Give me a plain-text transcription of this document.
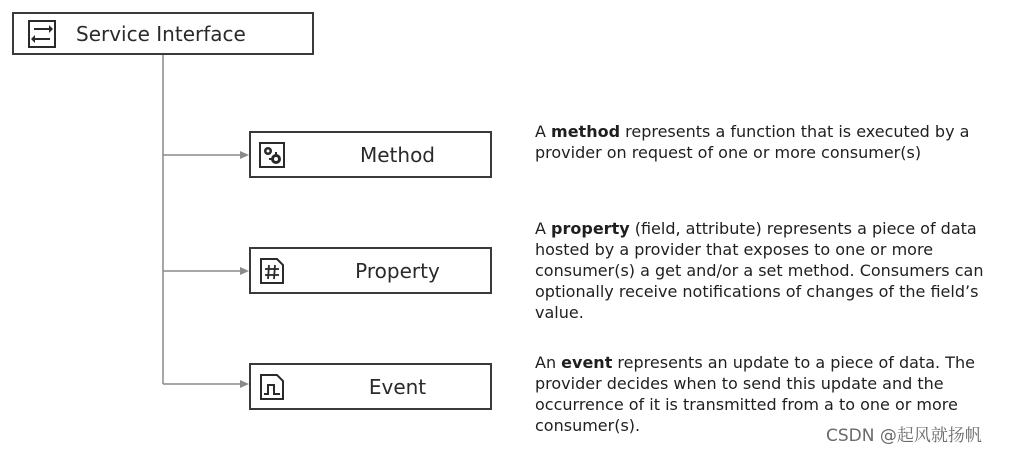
Service Interface
Method
Property
Event
A method represents a function that is executed by a provider on request of one or more consumer(s)
A property (field, attribute) represents a piece of data hosted by a provider that exposes to one or more consumer(s) a get and/or a set method. Consumers can optionally receive notifications of changes of the field’s value.
An event represents an update to a piece of data. The provider decides when to send this update and the occurrence of it is transmitted from a to one or more consumer(s).
CSDN @起风就扬帆
